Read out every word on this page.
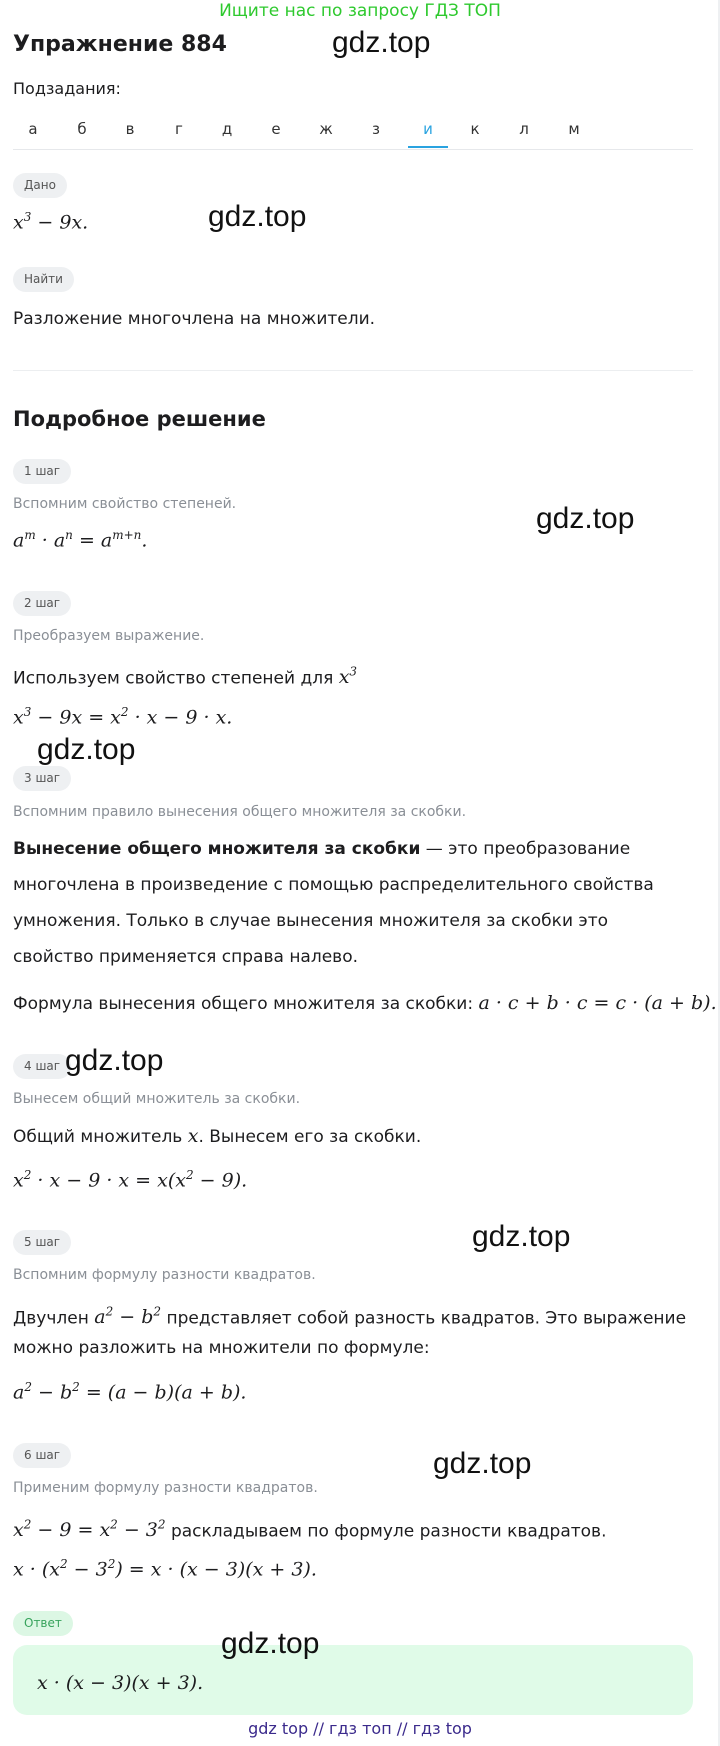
Ищите нас по запросу ГДЗ ТОП
Упражнение 884	gdz.top
Подзадания:
а	б	в	г	д	е	ж	з	и	к	л	м
Дано
$x^3 - 9x$.	gdz.top
Найти
Разложение многочлена на множители.
Подробное решение
1 шаг
Вспомним свойство степеней.
$a^m \cdot a^n = a^{m+n}$.
gdz.top
2 шаг
Преобразуем выражение.
Используем свойство степеней для $x^3$
$x^3 - 9x = x^2 \cdot x - 9 \cdot x$.
gdz.top
3 шаг
Вспомним правило вынесения общего множителя за скобки.
Вынесение общего множителя за скобки — это преобразование многочлена в произведение с помощью распределительного свойства умножения. Только в случае вынесения множителя за скобки это свойство применяется справа налево.
Формула вынесения общего множителя за скобки: a · c + b · c = c · (a + b).
4 шаг gdz.top
Вынесем общий множитель за скобки.
Общий множитель x. Вынесем его за скобки.
$x^2 \cdot x - 9 \cdot x = x(x^2 - 9)$.
5 шаг	gdz.top
Вспомним формулу разности квадратов.
Двучлен $a^2 - b^2$ представляет собой разность квадратов. Это выражение
можно разложить на множители по формуле:
$a^2 - b^2 = (a - b)(a + b)$.
6 шаг	gdz.top
Применим формулу разности квадратов.
$x^2 - 9 = x^2 - 3^2$ раскладываем по формуле разности квадратов.
$x \cdot (x^2 - 3^2) = x \cdot (x - 3)(x + 3)$.
Ответ
gdz.top
x · (x − 3)(x + 3).
gdz top // гдз топ // гдз top
